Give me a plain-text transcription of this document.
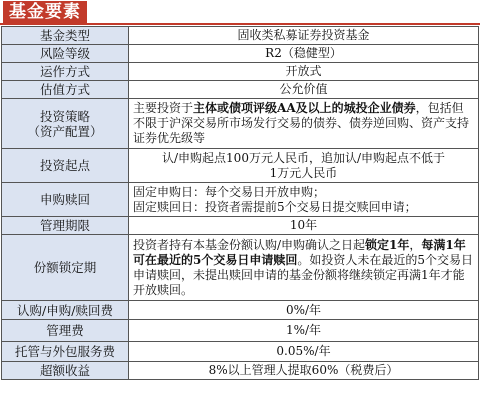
基金要素
基金类型	固收类私募证券投资基金
风险等级	R2（稳健型）
运作方式	开放式
估值方式	公允价值

投资策略
（资产配置）	主要投资于主体或债项评级AA及以上的城投企业债券，包括但不限于沪深交易所市场发行交易的债券、债券逆回购、资产支持证券优先级等
投资起点	认/申购起点100万元人民币，追加认/申购起点不低于
1万元人民币

申购赎回	固定申购日：每个交易日开放申购；
固定赎回日：投资者需提前5个交易日提交赎回申请；

管理期限	10年
份额锁定期	投资者持有本基金份额认购/申购确认之日起锁定1年，每满1年可在最近的5个交易日申请赎回。如投资人未在最近的5个交易日申请赎回，未提出赎回申请的基金份额将继续锁定再满1年才能开放赎回。
认购/申购/赎回费	0%/年
管理费	1%/年
托管与外包服务费	0.05%/年
超额收益	8%以上管理人提取60%（税费后）
